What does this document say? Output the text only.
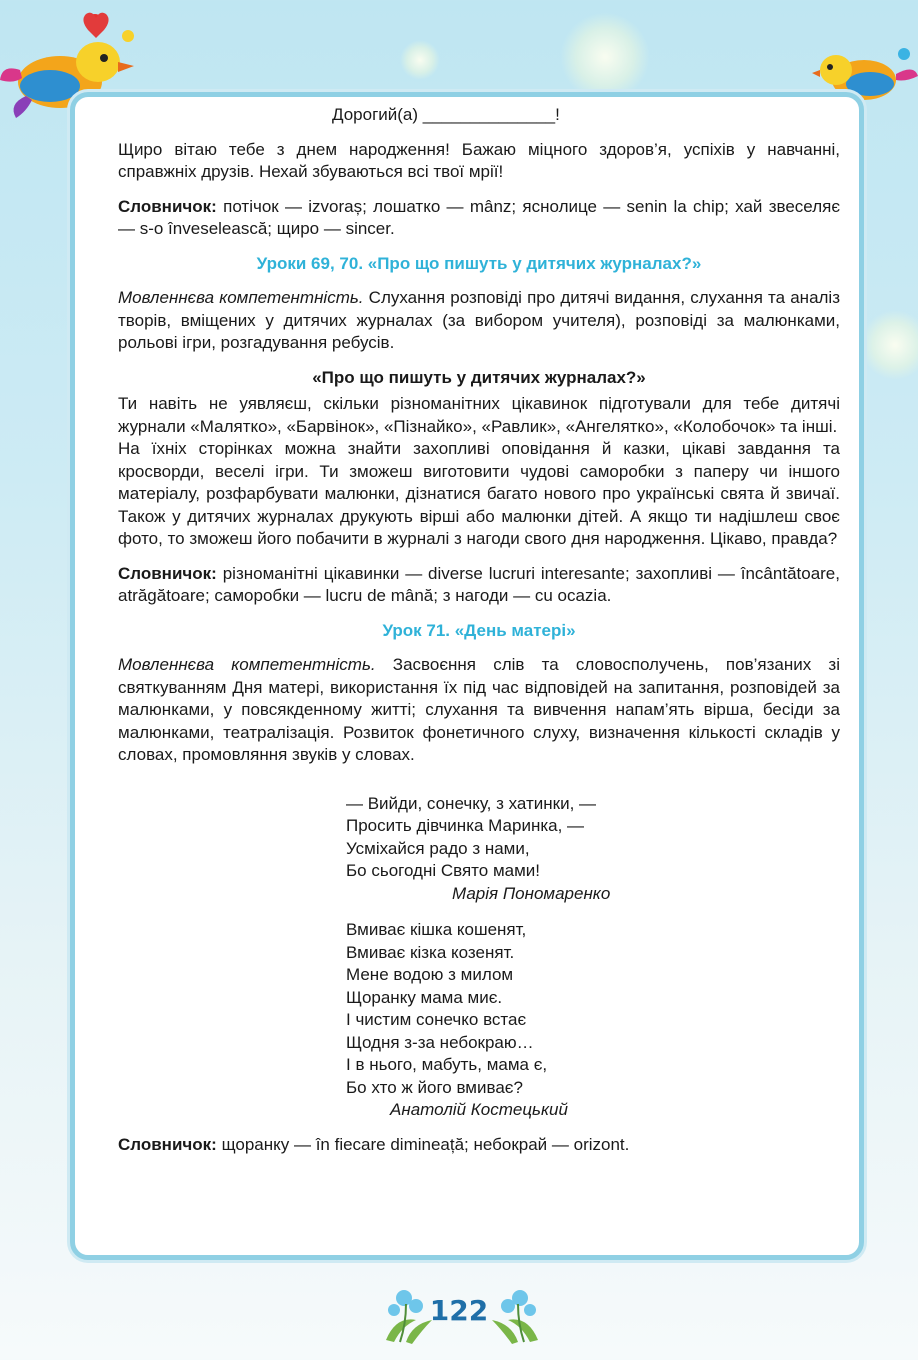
Дорогий(а) ______________!

Щиро вітаю тебе з днем народження! Бажаю міцного здоров’я, успіхів у навчанні, справжніх друзів. Нехай збуваються всі твої мрії!

Словничок: потічок — izvoraș; лошатко — mânz; яснолице — senin la chip; хай звеселяє — s-o înveselească; щиро — sincer.

Уроки 69, 70. «Про що пишуть у дитячих журналах?»

Мовленнєва компетентність. Слухання розповіді про дитячі видання, слухання та аналіз творів, вміщених у дитячих журналах (за вибором учителя), розповіді за малюнками, рольові ігри, розгадування ребусів.

«Про що пишуть у дитячих журналах?»

Ти навіть не уявляєш, скільки різноманітних цікавинок підготували для тебе дитячі журнали «Малятко», «Барвінок», «Пізнайко», «Равлик», «Ангелятко», «Колобочок» та інші.

На їхніх сторінках можна знайти захопливі оповідання й казки, цікаві завдання та кросворди, веселі ігри. Ти зможеш виготовити чудові саморобки з паперу чи іншого матеріалу, розфарбувати малюнки, дізнатися багато нового про українські свята й звичаї. Також у дитячих журналах друкують вірші або малюнки дітей. А якщо ти надішлеш своє фото, то зможеш його побачити в журналі з нагоди свого дня народження. Цікаво, правда?

Словничок: різноманітні цікавинки — diverse lucruri interesante; захопливі — încântătoare, atrăgătoare; саморобки — lucru de mână; з нагоди — cu ocazia.

Урок 71. «День матері»

Мовленнєва компетентність. Засвоєння слів та словосполучень, пов’язаних зі святкуванням Дня матері, використання їх під час відповідей на запитання, розповідей за малюнками, у повсякденному житті; слухання та вивчення напам’ять вірша, бесіди за малюнками, театралізація. Розвиток фонетичного слуху, визначення кількості складів у словах, промовляння звуків у словах.

— Вийди, сонечку, з хатинки, —
Просить дівчинка Маринка, —
Усміхайся радо з нами,
Бо сьогодні Свято мами!
Марія Пономаренко
Вмиває кішка кошенят,
Вмиває кізка козенят.
Мене водою з милом
Щоранку мама миє.
І чистим сонечко встає
Щодня з-за небокраю…
І в нього, мабуть, мама є,
Бо хто ж його вмиває?
Анатолій Костецький

Словничок: щоранку — în fiecare dimineață; небокрай — orizont.

122
